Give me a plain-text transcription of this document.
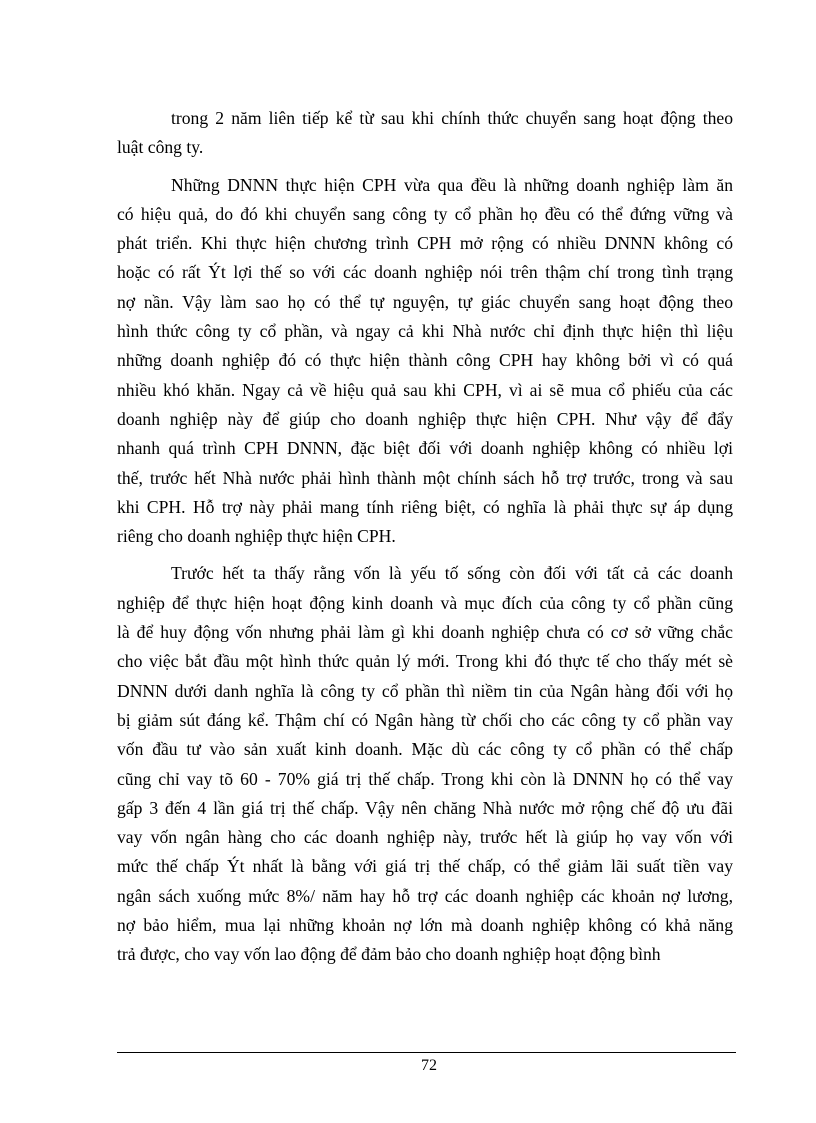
trong 2 năm liên tiếp kể từ sau khi chính thức chuyển sang hoạt động theo
luật công ty.
Những DNNN thực hiện CPH vừa qua đều là những doanh nghiệp làm ăn
có hiệu quả, do đó khi chuyển sang công ty cổ phần họ đều có thể đứng vững và
phát triển. Khi thực hiện chương trình CPH mở rộng có nhiều DNNN không có
hoặc có rất Ýt lợi thế so với các doanh nghiệp nói trên thậm chí trong tình trạng
nợ nần. Vậy làm sao họ có thể tự nguyện, tự giác chuyển sang hoạt động theo
hình thức công ty cổ phần, và ngay cả khi Nhà nước chỉ định thực hiện thì liệu
những doanh nghiệp đó có thực hiện thành công CPH hay không bởi vì có quá
nhiều khó khăn. Ngay cả về hiệu quả sau khi CPH, vì ai sẽ mua cổ phiếu của các
doanh nghiệp này để giúp cho doanh nghiệp thực hiện CPH. Như vậy để đẩy
nhanh quá trình CPH DNNN, đặc biệt đối với doanh nghiệp không có nhiều lợi
thế, trước hết Nhà nước phải hình thành một chính sách hỗ trợ trước, trong và sau
khi CPH. Hỗ trợ này phải mang tính riêng biệt, có nghĩa là phải thực sự áp dụng
riêng cho doanh nghiệp thực hiện CPH.
Trước hết ta thấy rằng vốn là yếu tố sống còn đối với tất cả các doanh
nghiệp để thực hiện hoạt động kinh doanh và mục đích của công ty cổ phần cũng
là để huy động vốn nhưng phải làm gì khi doanh nghiệp chưa có cơ sở vững chắc
cho việc bắt đầu một hình thức quản lý mới. Trong khi đó thực tế cho thấy mét sè
DNNN dưới danh nghĩa là công ty cổ phần thì niềm tin của Ngân hàng đối với họ
bị giảm sút đáng kể. Thậm chí có Ngân hàng từ chối cho các công ty cổ phần vay
vốn đầu tư vào sản xuất kinh doanh. Mặc dù các công ty cổ phần có thể chấp
cũng chỉ vay tõ 60 - 70% giá trị thế chấp. Trong khi còn là DNNN họ có thể vay
gấp 3 đến 4 lần giá trị thế chấp. Vậy nên chăng Nhà nước mở rộng chế độ ưu đãi
vay vốn ngân hàng cho các doanh nghiệp này, trước hết là giúp họ vay vốn với
mức thế chấp Ýt nhất là bằng với giá trị thế chấp, có thể giảm lãi suất tiền vay
ngân sách xuống mức 8%/ năm hay hỗ trợ các doanh nghiệp các khoản nợ lương,
nợ bảo hiểm, mua lại những khoản nợ lớn mà doanh nghiệp không có khả năng
trả được, cho vay vốn lao động để đảm bảo cho doanh nghiệp hoạt động bình
72
